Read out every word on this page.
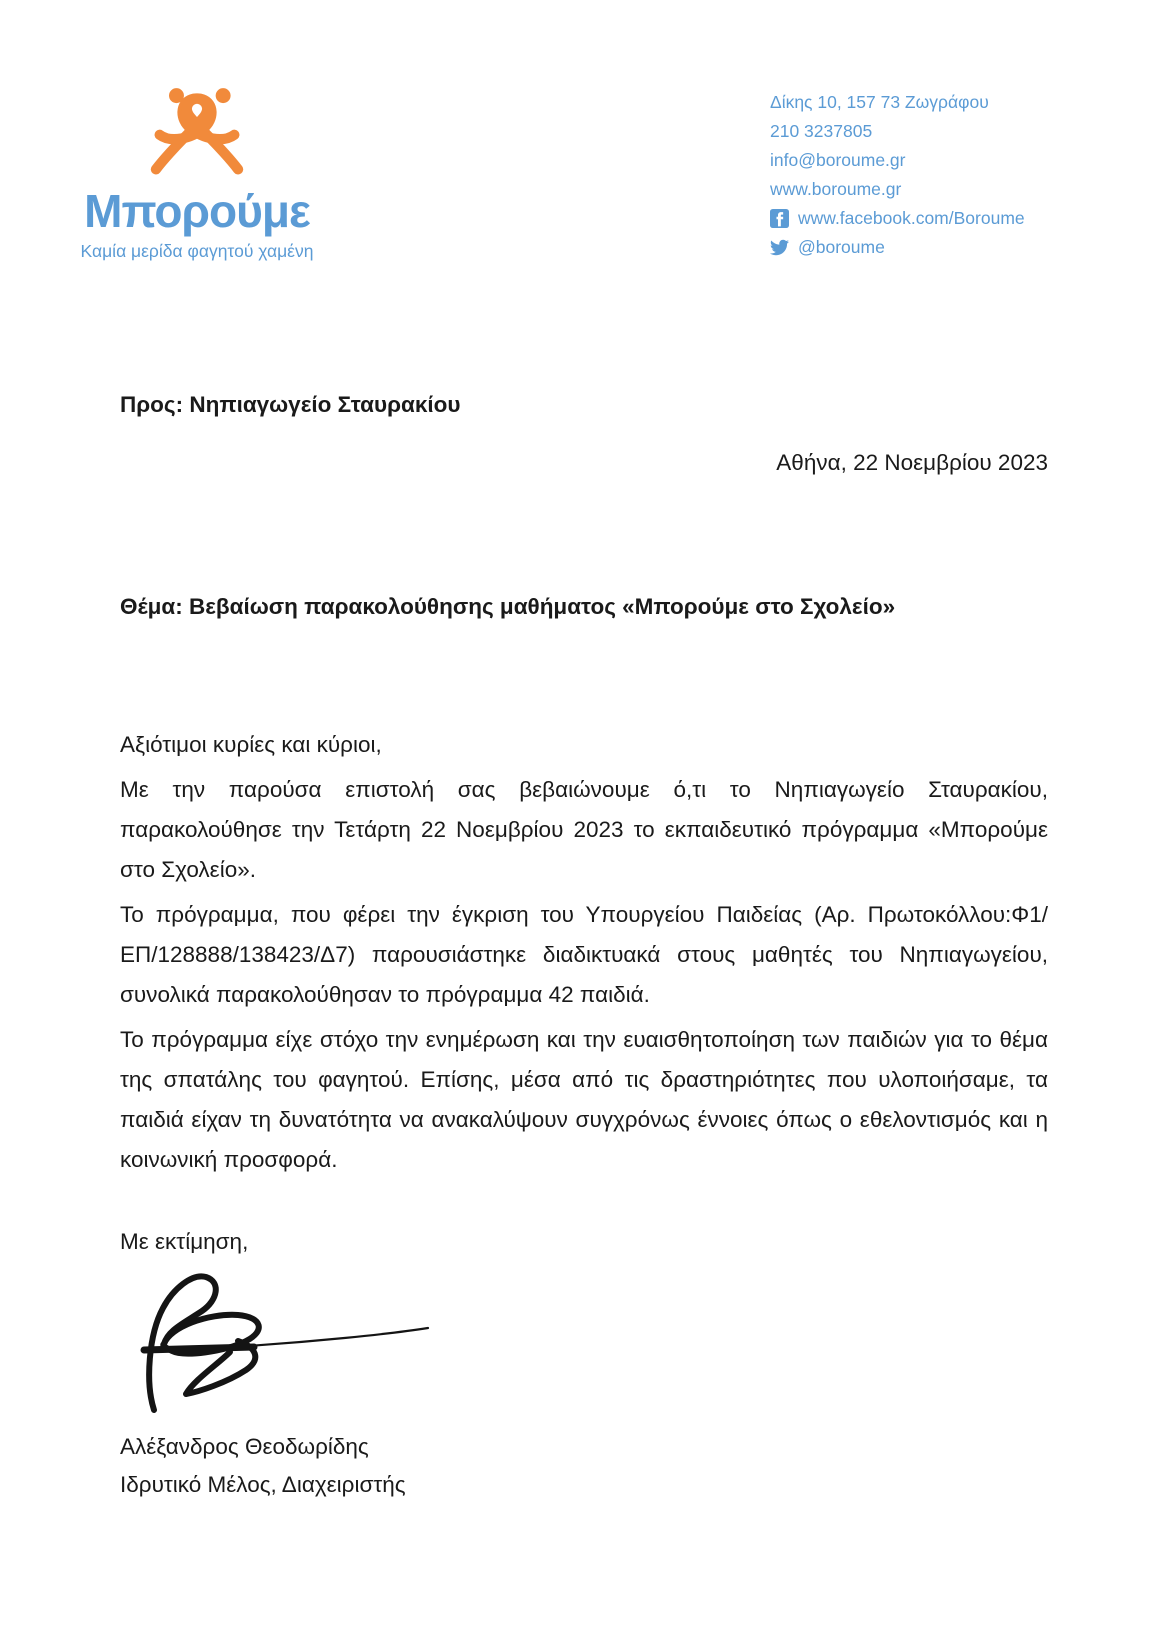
Μπορούμε
Καμία μερίδα φαγητού χαμένη
Δίκης 10, 157 73 Ζωγράφου
210 3237805
info@boroume.gr
www.boroume.gr
www.facebook.com/Boroume
@boroume
Προς: Νηπιαγωγείο Σταυρακίου
Αθήνα, 22 Νοεμβρίου 2023
Θέμα: Βεβαίωση παρακολούθησης μαθήματος «Μπορούμε στο Σχολείο»
Αξιότιμοι κυρίες και κύριοι,

Με την παρούσα επιστολή σας βεβαιώνουμε ό,τι το Νηπιαγωγείο Σταυρακίου, παρακολούθησε την Τετάρτη 22 Νοεμβρίου 2023 το εκπαιδευτικό πρόγραμμα «Μπορούμε στο Σχολείο».

Το πρόγραμμα, που φέρει την έγκριση του Υπουργείου Παιδείας (Αρ. Πρωτοκόλλου:Φ1/ΕΠ/128888/138423/Δ7) παρουσιάστηκε διαδικτυακά στους μαθητές του Νηπιαγωγείου, συνολικά παρακολούθησαν το πρόγραμμα 42 παιδιά.

Το πρόγραμμα είχε στόχο την ενημέρωση και την ευαισθητοποίηση των παιδιών για το θέμα της σπατάλης του φαγητού. Επίσης, μέσα από τις δραστηριότητες που υλοποιήσαμε, τα παιδιά είχαν τη δυνατότητα να ανακαλύψουν συγχρόνως έννοιες όπως ο εθελοντισμός και η κοινωνική προσφορά.

Με εκτίμηση,
Αλέξανδρος Θεοδωρίδης
Ιδρυτικό Μέλος, Διαχειριστής
